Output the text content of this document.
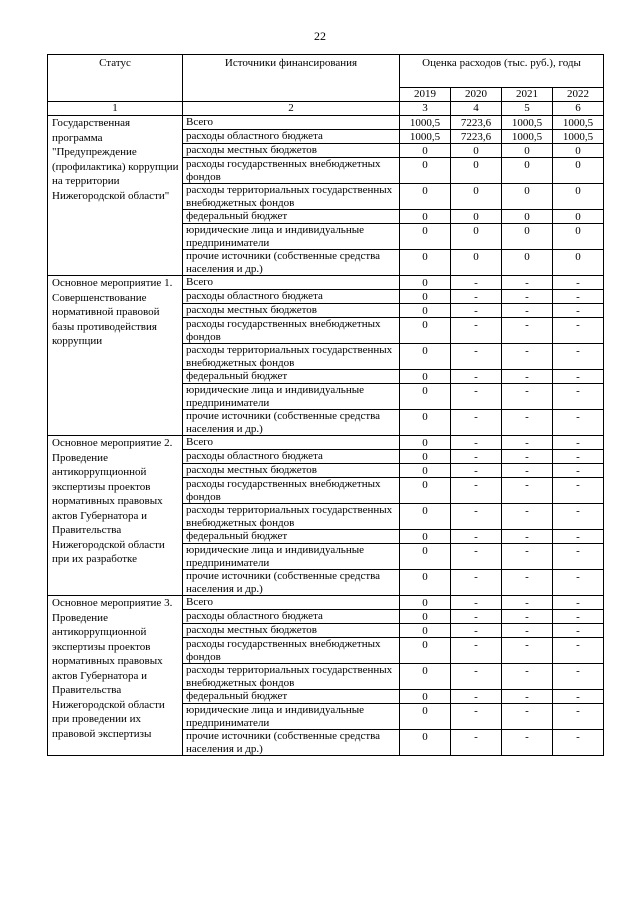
22
Статус	Источники финансирования	Оценка расходов (тыс. руб.), годы			
		2019	2020	2021	2022
1	2	3	4	5	6
Государственная программа "Предупреждение (профилактика) коррупции на территории Нижегородской области"	Всего	1000,5	7223,6	1000,5	1000,5
	расходы областного бюджета	1000,5	7223,6	1000,5	1000,5
	расходы местных бюджетов	0	0	0	0
	расходы государственных внебюджетных фондов	0	0	0	0
	расходы территориальных государственных внебюджетных фондов	0	0	0	0
	федеральный бюджет	0	0	0	0
	юридические лица и индивидуальные предприниматели	0	0	0	0
	прочие источники (собственные средства населения и др.)	0	0	0	0
Основное мероприятие 1. Совершенствование нормативной правовой базы противодействия коррупции	Всего	0	-	-	-
	расходы областного бюджета	0	-	-	-
	расходы местных бюджетов	0	-	-	-
	расходы государственных внебюджетных фондов	0	-	-	-
	расходы территориальных государственных внебюджетных фондов	0	-	-	-
	федеральный бюджет	0	-	-	-
	юридические лица и индивидуальные предприниматели	0	-	-	-
	прочие источники (собственные средства населения и др.)	0	-	-	-
Основное мероприятие 2. Проведение антикоррупционной экспертизы проектов нормативных правовых актов Губернатора и Правительства Нижегородской области при их разработке	Всего	0	-	-	-
	расходы областного бюджета	0	-	-	-
	расходы местных бюджетов	0	-	-	-
	расходы государственных внебюджетных фондов	0	-	-	-
	расходы территориальных государственных внебюджетных фондов	0	-	-	-
	федеральный бюджет	0	-	-	-
	юридические лица и индивидуальные предприниматели	0	-	-	-
	прочие источники (собственные средства населения и др.)	0	-	-	-
Основное мероприятие 3. Проведение антикоррупционной экспертизы проектов нормативных правовых актов Губернатора и Правительства Нижегородской области при проведении их правовой экспертизы	Всего	0	-	-	-
	расходы областного бюджета	0	-	-	-
	расходы местных бюджетов	0	-	-	-
	расходы государственных внебюджетных фондов	0	-	-	-
	расходы территориальных государственных внебюджетных фондов	0	-	-	-
	федеральный бюджет	0	-	-	-
	юридические лица и индивидуальные предприниматели	0	-	-	-
	прочие источники (собственные средства населения и др.)	0	-	-	-
